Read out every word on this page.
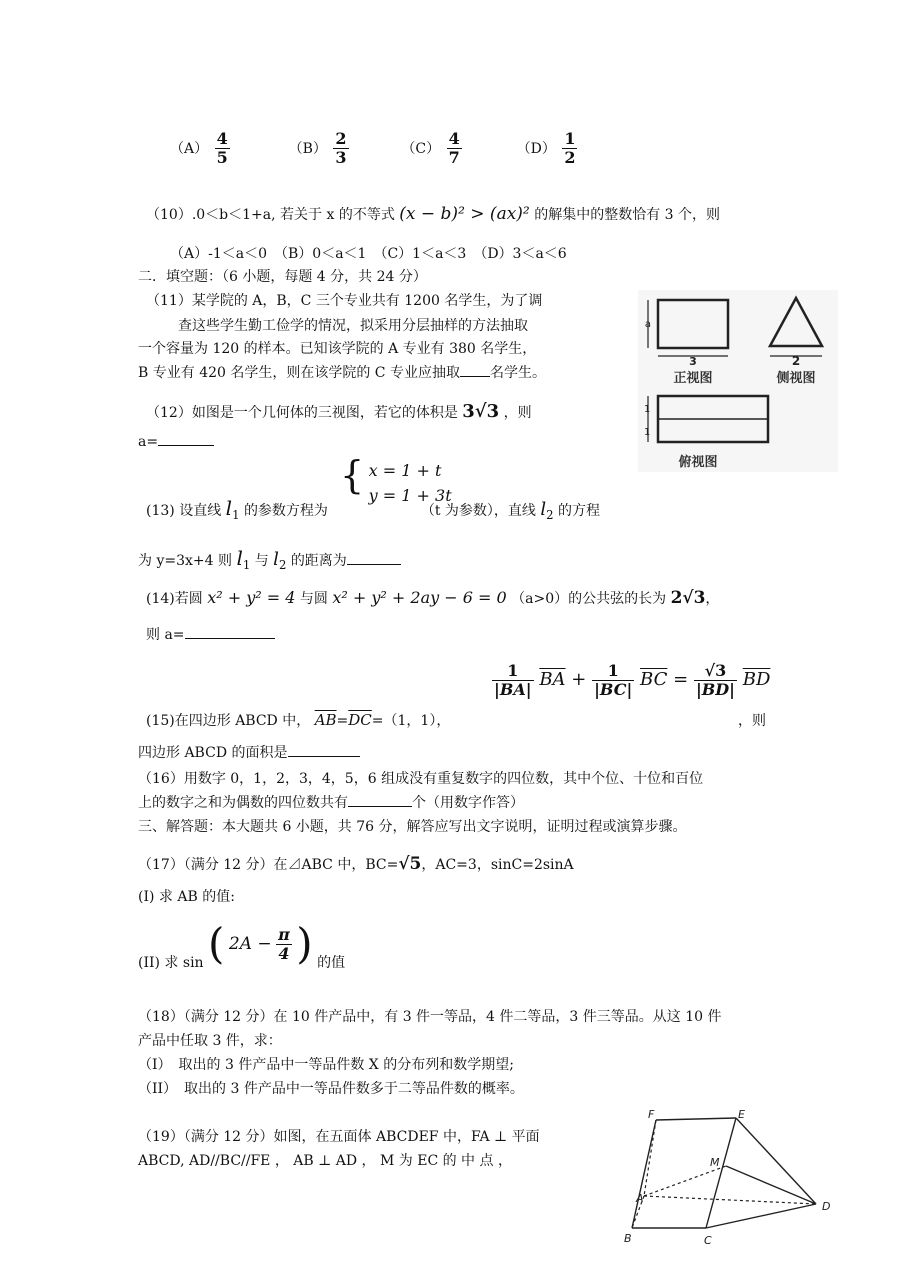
$(A) \frac{4}{5}$	$(B) \frac{2}{3}$	$(C) \frac{4}{7}$	$(D) \frac{1}{2}$
（10）.0＜b＜1+a, 若关于 x 的不等式 (x − b)² > (ax)² 的解集中的整数恰有 3 个，则
（A）-1＜a＜0　（B）0＜a＜1　（C）1＜a＜3　（D）3＜a＜6
二．填空题：（6 小题，每题 4 分，共 24 分）
（11）某学院的 A，B，C 三个专业共有 1200 名学生，为了调
查这些学生勤工俭学的情况，拟采用分层抽样的方法抽取
一个容量为 120 的样本。已知该学院的 A 专业有 380 名学生，
B 专业有 420 名学生，则在该学院的 C 专业应抽取 名学生。
a
3
正视图
2
侧视图
1
1
俯视图
（12）如图是一个几何体的三视图，若它的体积是 3√3 ，则
a=
{ x = 1 + t
y = 1 + 3t
(13) 设直线 $l_1$ 的参数方程为	（t 为参数），直线 $l_2$ 的方程
为 y=3x+4 则 $l_1$ 与 $l_2$ 的距离为
(14)若圆 x² + y² = 4 与圆 x² + y² + 2ay − 6 = 0 （a>0）的公共弦的长为 2√3，
则 a=
$\frac{1}{|BA|} \overline{BA} + \frac{1}{|BC|} \overline{BC} = \frac{√3}{|BD|} \overline{BD}$
(15)在四边形 ABCD 中， $\overline{AB}=\overline{DC}=(1$，1），	，则
四边形 ABCD 的面积是
（16）用数字 0，1，2，3，4，5，6 组成没有重复数字的四位数，其中个位、十位和百位
上的数字之和为偶数的四位数共有	个（用数字作答）
三、解答题：本大题共 6 小题，共 76 分，解答应写出文字说明，证明过程或演算步骤。
（17）（满分 12 分）在⊿ABC 中，BC=√5，AC=3，sinC=2sinA
(I) 求 AB 的值:
(II) 求 sin ( $2A - \frac{\pi}{4}$ ) 的值
（18）（满分 12 分）在 10 件产品中，有 3 件一等品，4 件二等品，3 件三等品。从这 10 件
产品中任取 3 件，求：
（I）　取出的 3 件产品中一等品件数 X 的分布列和数学期望;
（II）　取出的 3 件产品中一等品件数多于二等品件数的概率。
（19）（满分 12 分）如图，在五面体 ABCDEF 中，FA ⊥ 平面
ABCD, AD//BC//FE ， AB ⊥ AD ， M 为 EC 的 中 点 ，
F	E
M
A
D
B	C
